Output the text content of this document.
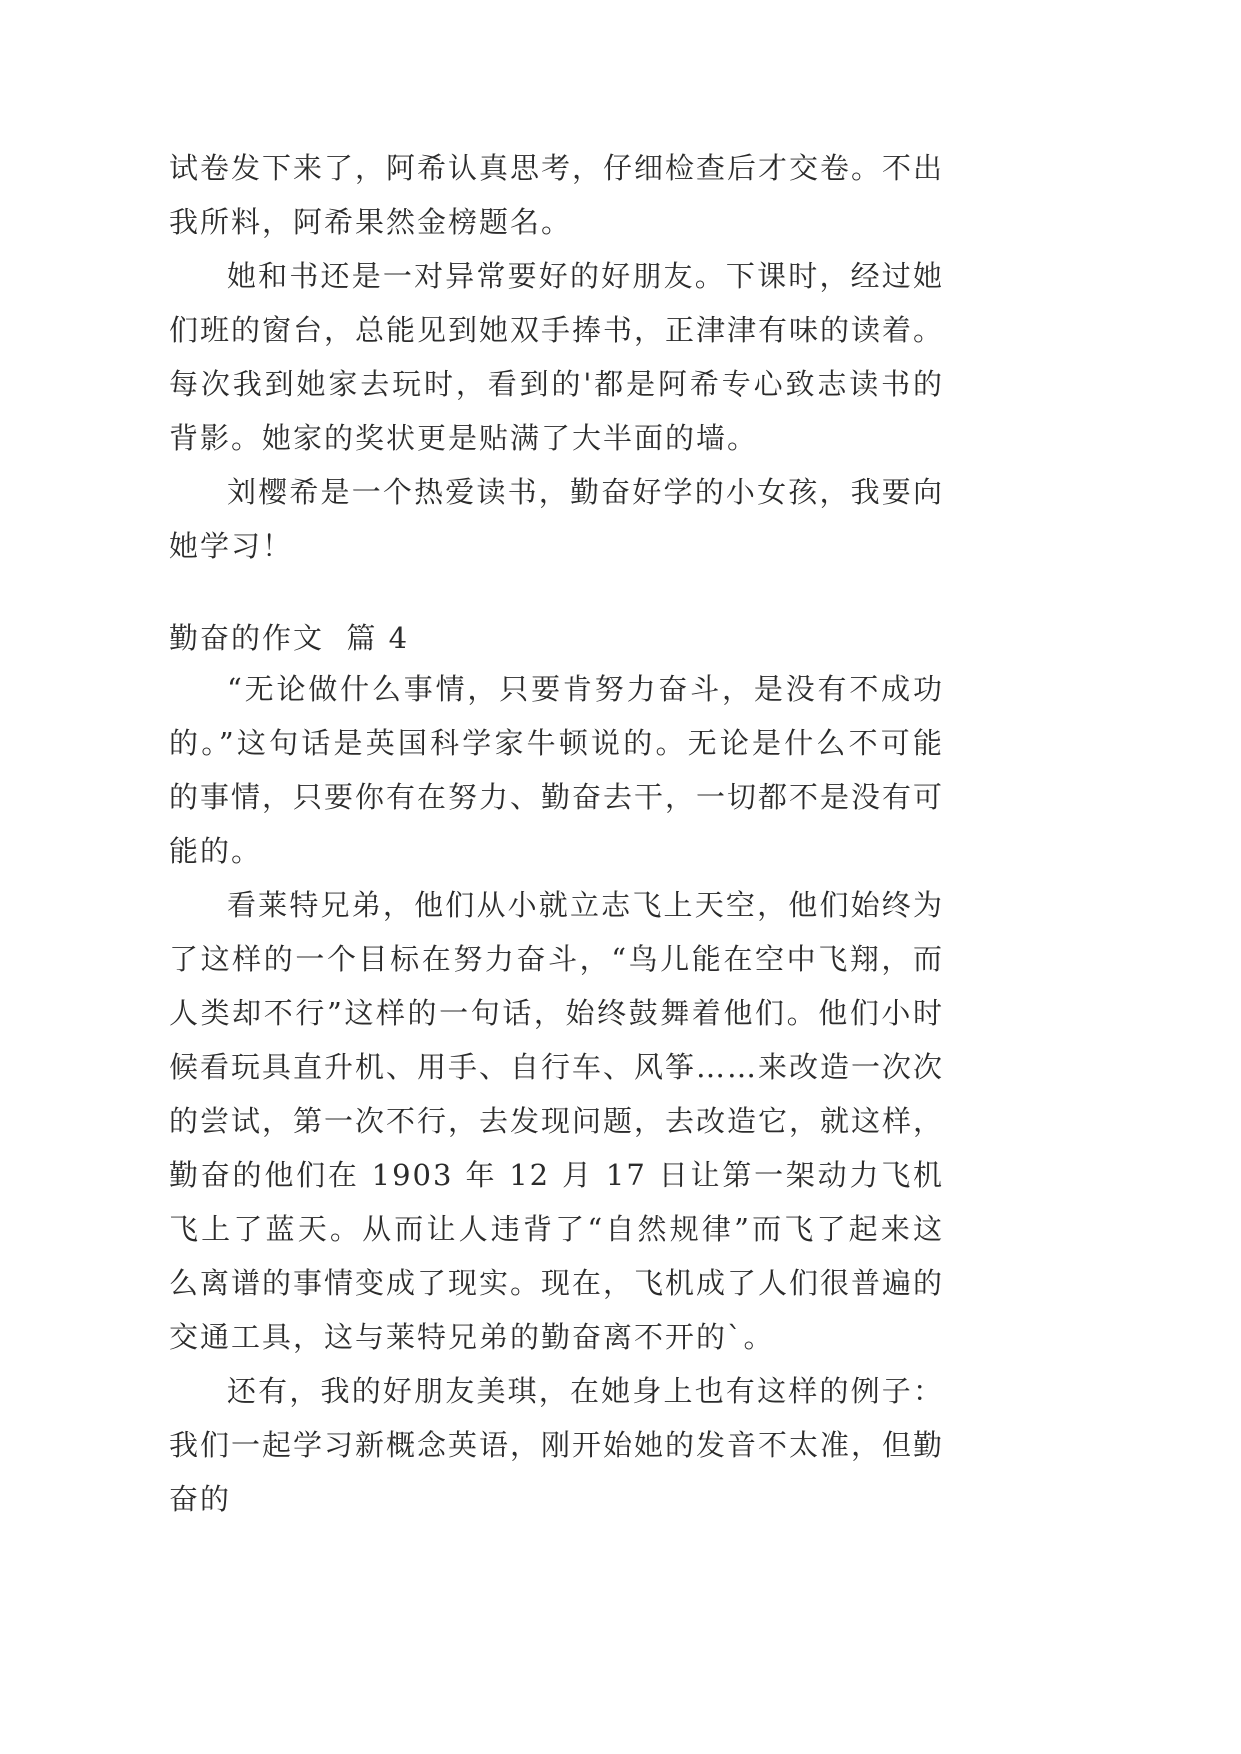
试卷发下来了，阿希认真思考，仔细检查后才交卷。不出我所料，阿希果然金榜题名。

她和书还是一对异常要好的好朋友。下课时，经过她们班的窗台，总能见到她双手捧书，正津津有味的读着。每次我到她家去玩时，看到的'都是阿希专心致志读书的背影。她家的奖状更是贴满了大半面的墙。

刘樱希是一个热爱读书，勤奋好学的小女孩，我要向她学习！

勤奋的作文  篇 4

“无论做什么事情，只要肯努力奋斗，是没有不成功的。”这句话是英国科学家牛顿说的。无论是什么不可能的事情，只要你有在努力、勤奋去干，一切都不是没有可能的。

看莱特兄弟，他们从小就立志飞上天空，他们始终为了这样的一个目标在努力奋斗，“鸟儿能在空中飞翔，而人类却不行”这样的一句话，始终鼓舞着他们。他们小时候看玩具直升机、用手、自行车、风筝……来改造一次次的尝试，第一次不行，去发现问题，去改造它，就这样，勤奋的他们在 1903 年 12 月 17 日让第一架动力飞机飞上了蓝天。从而让人违背了“自然规律”而飞了起来这么离谱的事情变成了现实。现在，飞机成了人们很普遍的交通工具，这与莱特兄弟的勤奋离不开的`。

还有，我的好朋友美琪，在她身上也有这样的例子：我们一起学习新概念英语，刚开始她的发音不太准，但勤奋的
